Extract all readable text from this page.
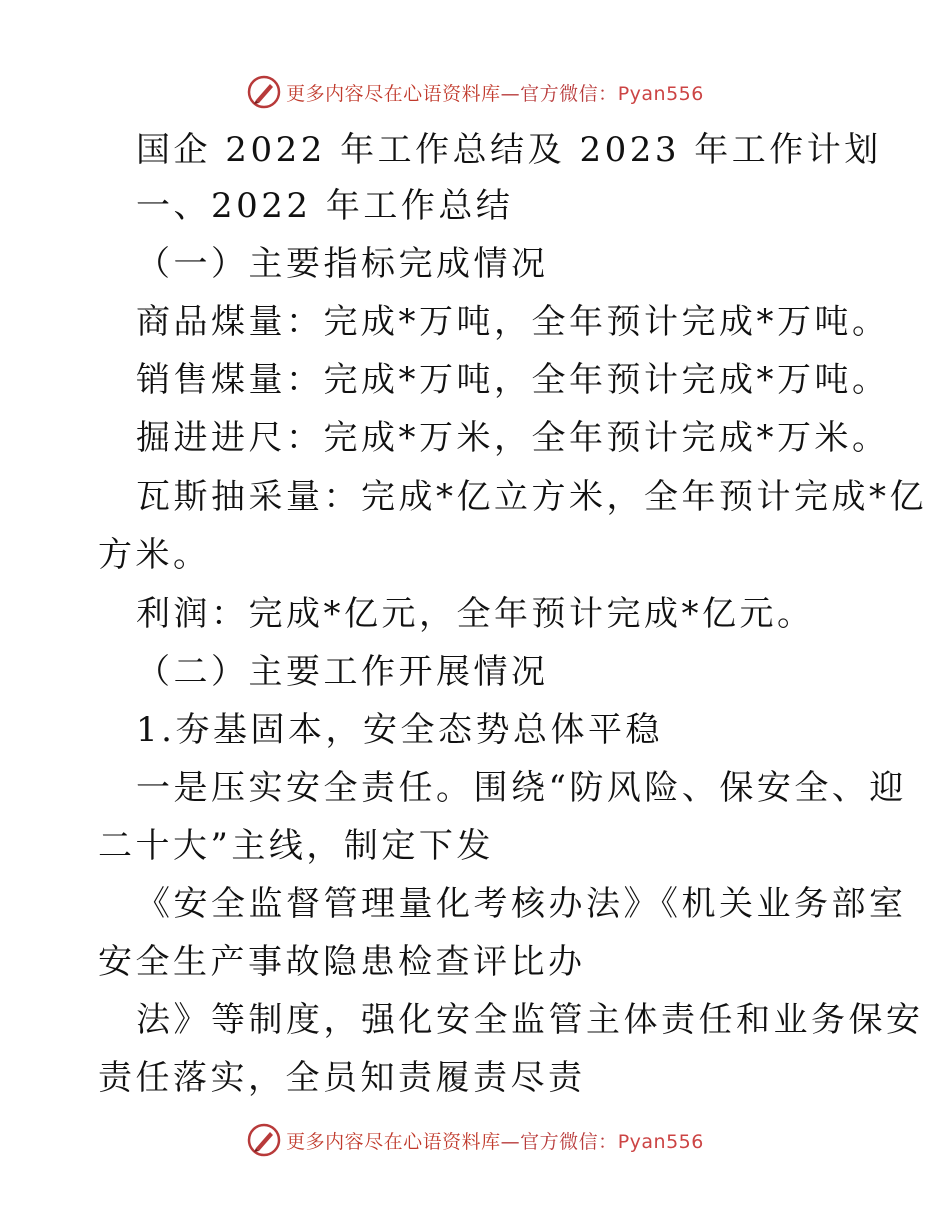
更多内容尽在心语资料库—官方微信：Pyan556
国企 2022 年工作总结及 2023 年工作计划
一、2022 年工作总结
（一）主要指标完成情况
商品煤量：完成*万吨，全年预计完成*万吨。
销售煤量：完成*万吨，全年预计完成*万吨。
掘进进尺：完成*万米，全年预计完成*万米。
瓦斯抽采量：完成*亿立方米，全年预计完成*亿
方米。
利润：完成*亿元，全年预计完成*亿元。
（二）主要工作开展情况
1.夯基固本，安全态势总体平稳
一是压实安全责任。围绕“防风险、保安全、迎
二十大”主线，制定下发
《安全监督管理量化考核办法》《机关业务部室
安全生产事故隐患检查评比办
法》等制度，强化安全监管主体责任和业务保安
责任落实，全员知责履责尽责
更多内容尽在心语资料库—官方微信：Pyan556
